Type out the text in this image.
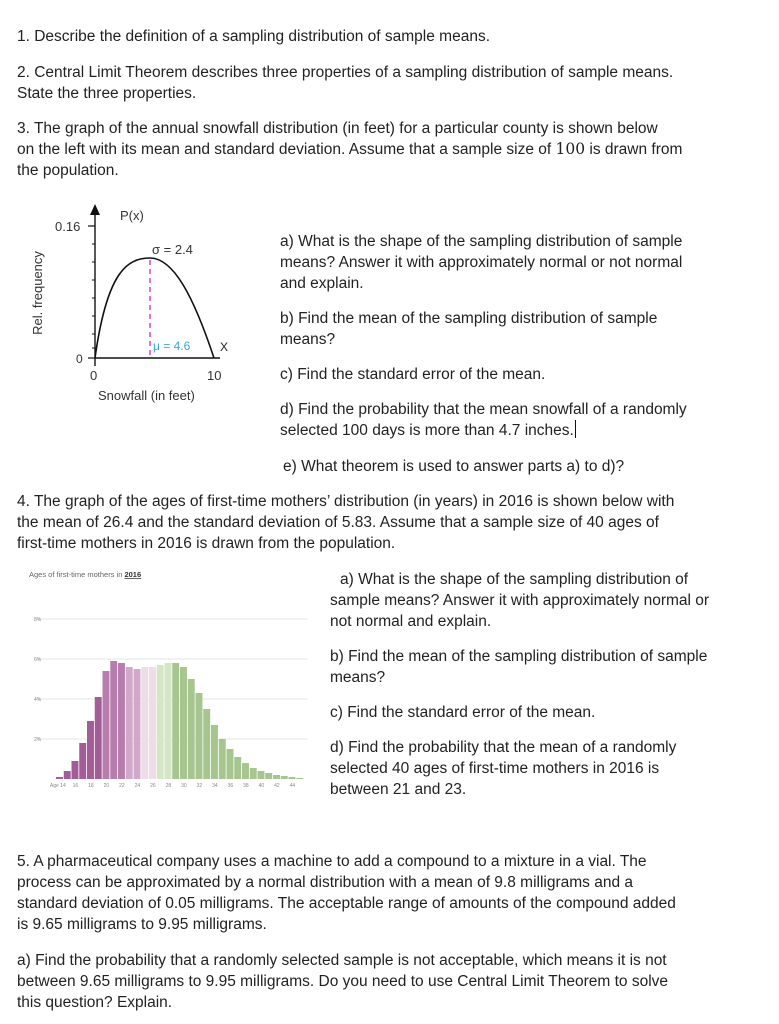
1. Describe the definition of a sampling distribution of sample means.
2. Central Limit Theorem describes three properties of a sampling distribution of sample means.
State the three properties.
3. The graph of the annual snowfall distribution (in feet) for a particular county is shown below
on the left with its mean and standard deviation. Assume that a sample size of 100 is drawn from
the population.
Rel. frequency
0.16
0
P(x)
σ = 2.4
μ = 4.6 X
0	10
Snowfall (in feet)
a) What is the shape of the sampling distribution of sample
means? Answer it with approximately normal or not normal
and explain.
b) Find the mean of the sampling distribution of sample
means?
c) Find the standard error of the mean.
d) Find the probability that the mean snowfall of a randomly
selected 100 days is more than 4.7 inches.
e) What theorem is used to answer parts a) to d)?
4. The graph of the ages of first-time mothers’ distribution (in years) in 2016 is shown below with
the mean of 26.4 and the standard deviation of 5.83. Assume that a sample size of 40 ages of
first-time mothers in 2016 is drawn from the population.
Ages of first-time mothers in 2016
8%
6%
4%
2%
Age 14 16 18 20 22 24 26 28 30 32 34 36 38 40 42 44
a) What is the shape of the sampling distribution of
sample means? Answer it with approximately normal or
not normal and explain.
b) Find the mean of the sampling distribution of sample
means?
c) Find the standard error of the mean.
d) Find the probability that the mean of a randomly
selected 40 ages of first-time mothers in 2016 is
between 21 and 23.
5. A pharmaceutical company uses a machine to add a compound to a mixture in a vial. The
process can be approximated by a normal distribution with a mean of 9.8 milligrams and a
standard deviation of 0.05 milligrams. The acceptable range of amounts of the compound added
is 9.65 milligrams to 9.95 milligrams.
a) Find the probability that a randomly selected sample is not acceptable, which means it is not
between 9.65 milligrams to 9.95 milligrams. Do you need to use Central Limit Theorem to solve
this question? Explain.
